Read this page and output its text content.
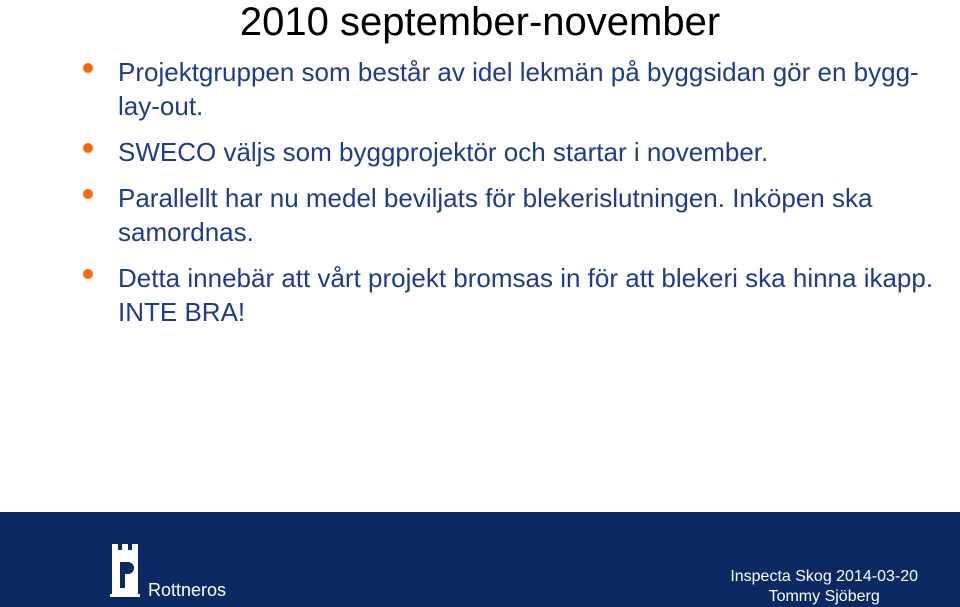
2010 september-november
Projektgruppen som består av idel lekmän på byggsidan gör en bygg-lay-out.
SWECO väljs som byggprojektör och startar i november.
Parallellt har nu medel beviljats för blekerislutningen. Inköpen ska samordnas.
Detta innebär att vårt projekt bromsas in för att blekeri ska hinna ikapp. INTE BRA!
Rottneros
Inspecta Skog 2014-03-20
Tommy Sjöberg
